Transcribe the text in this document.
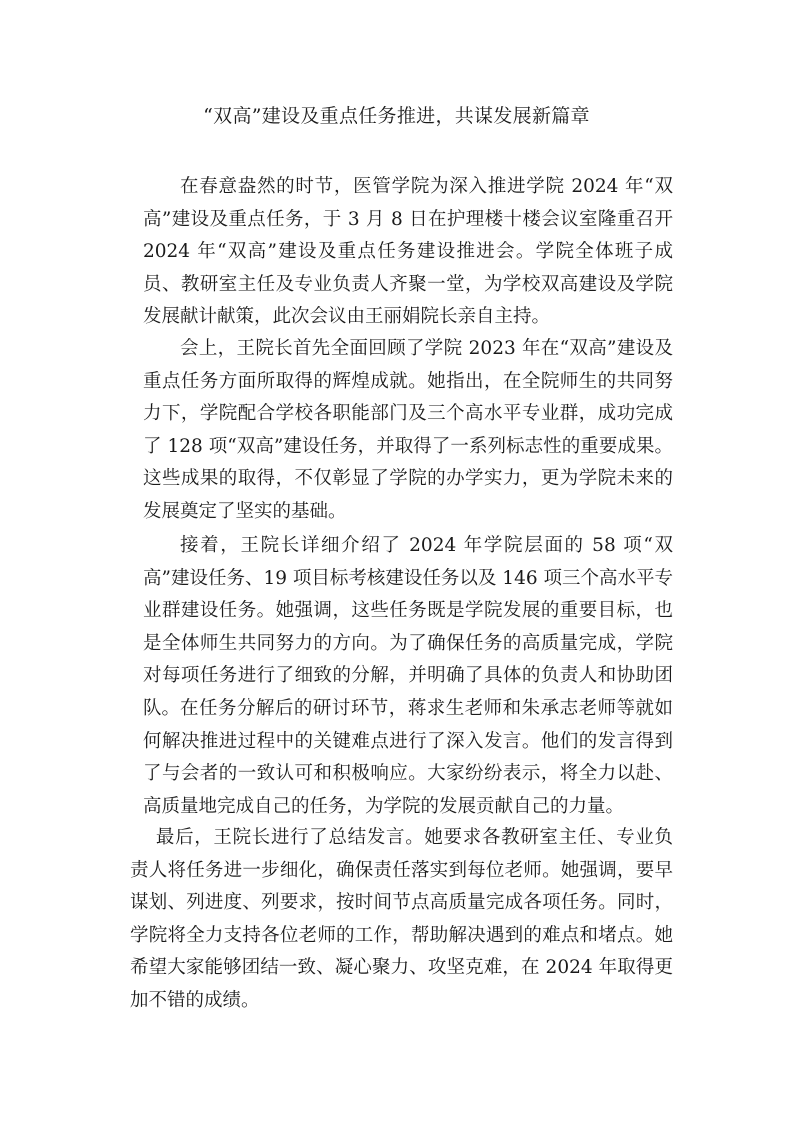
“双高”建设及重点任务推进，共谋发展新篇章

在春意盎然的时节，医管学院为深入推进学院 2024 年“双高”建设及重点任务，于 3 月 8 日在护理楼十楼会议室隆重召开 2024 年“双高”建设及重点任务建设推进会。学院全体班子成员、教研室主任及专业负责人齐聚一堂，为学校双高建设及学院发展献计献策，此次会议由王丽娟院长亲自主持。

会上，王院长首先全面回顾了学院 2023 年在“双高”建设及重点任务方面所取得的辉煌成就。她指出，在全院师生的共同努力下，学院配合学校各职能部门及三个高水平专业群，成功完成了 128 项“双高”建设任务，并取得了一系列标志性的重要成果。这些成果的取得，不仅彰显了学院的办学实力，更为学院未来的发展奠定了坚实的基础。

接着，王院长详细介绍了 2024 年学院层面的 58 项“双高”建设任务、19 项目标考核建设任务以及 146 项三个高水平专业群建设任务。她强调，这些任务既是学院发展的重要目标，也是全体师生共同努力的方向。为了确保任务的高质量完成，学院对每项任务进行了细致的分解，并明确了具体的负责人和协助团队。 在任务分解后的研讨环节，蒋求生老师和朱承志老师等就如何解决推进过程中的关键难点进行了深入发言。他们的发言得到了与会者的一致认可和积极响应。大家纷纷表示，将全力以赴、高质量地完成自己的任务，为学院的发展贡献自己的力量。

最后，王院长进行了总结发言。她要求各教研室主任、专业负责人将任务进一步细化，确保责任落实到每位老师。她强调，要早谋划、列进度、列要求，按时间节点高质量完成各项任务。同时，学院将全力支持各位老师的工作，帮助解决遇到的难点和堵点。她希望大家能够团结一致、凝心聚力、攻坚克难，在 2024 年取得更加不错的成绩。
